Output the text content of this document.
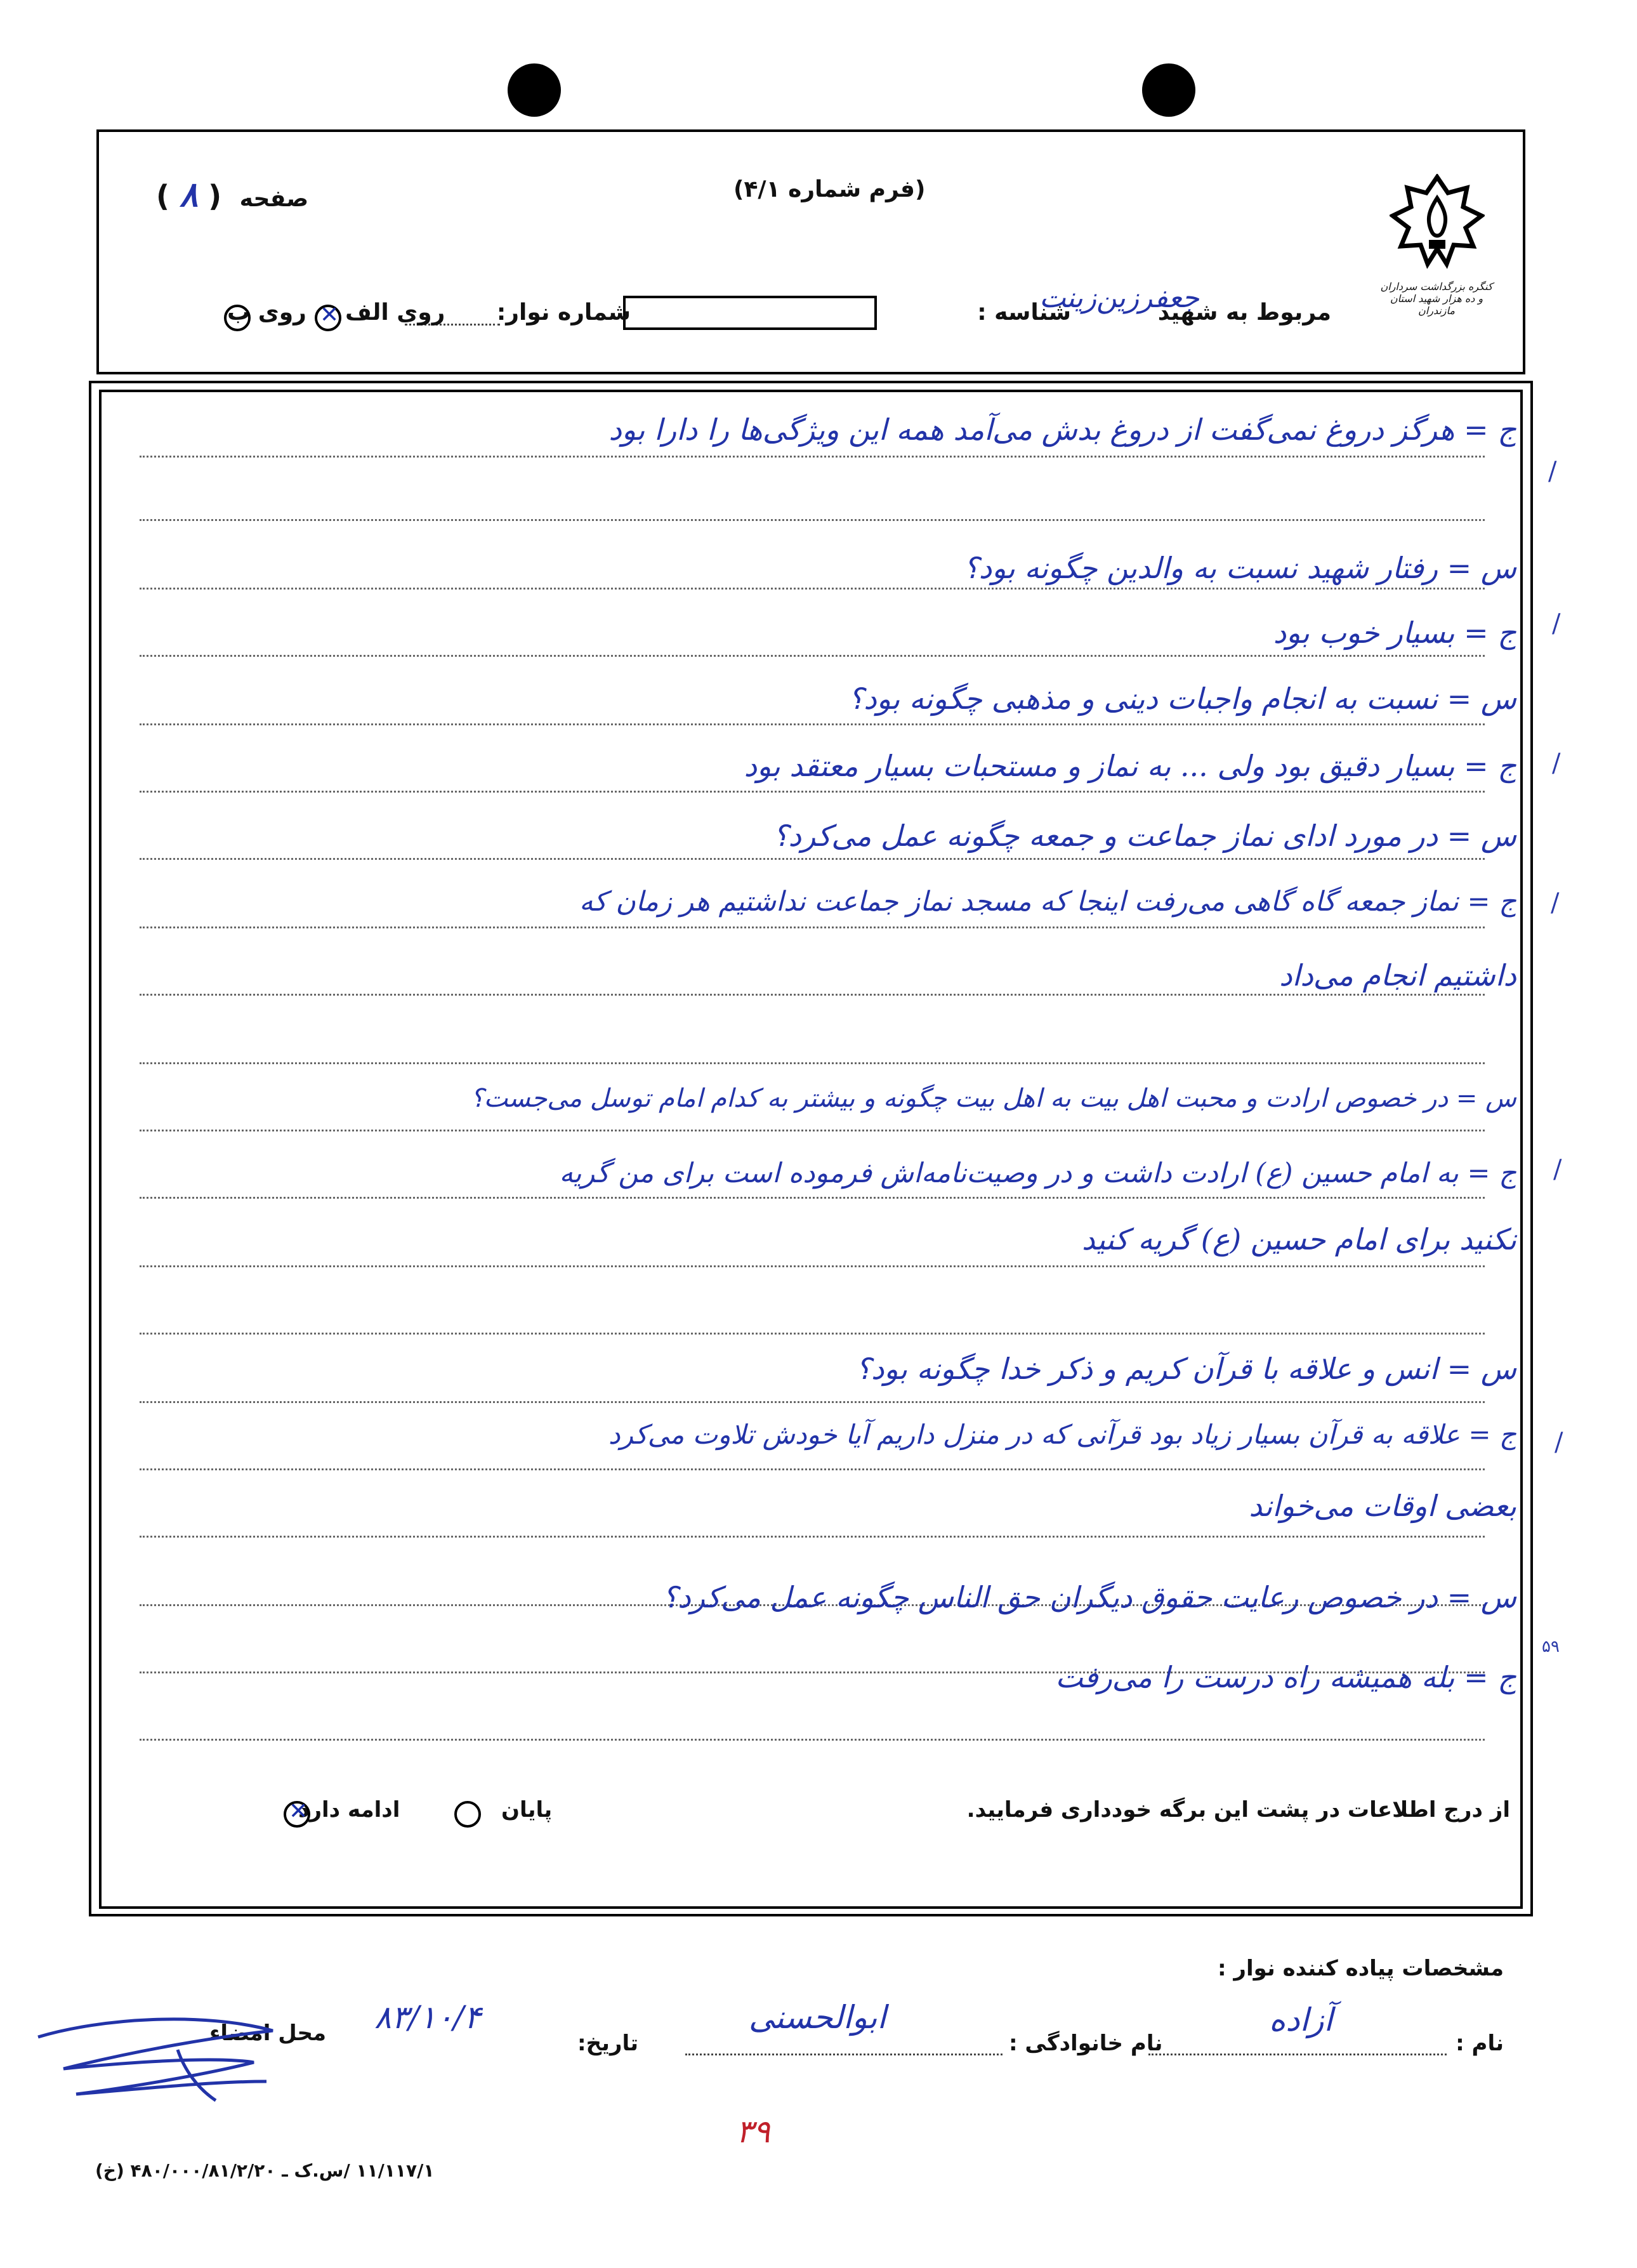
کنگره بزرگداشت سرداران و ده هزار شهید استان مازندران
صفحه  ( ۸ )	(فرم شماره ۴/۱)
مربوط به شهید
جعفرزین‌زینت
شناسه :
شماره نوار:
روی الف
✕
روی ب
ج = هرگز دروغ نمی‌گفت از دروغ بدش می‌آمد همه این ویژگی‌ها را دارا بود
س = رفتار شهید نسبت به والدین چگونه بود؟
ج = بسیار خوب بود
س = نسبت به انجام واجبات دینی و مذهبی چگونه بود؟
ج = بسیار دقیق بود ولی ... به نماز و مستحبات بسیار معتقد بود
س = در مورد ادای نماز جماعت و جمعه چگونه عمل می‌کرد؟
ج = نماز جمعه گاه گاهی می‌رفت اینجا که مسجد نماز جماعت نداشتیم هر زمان که
داشتیم انجام می‌داد
س = در خصوص ارادت و محبت اهل بیت به اهل بیت چگونه و بیشتر به کدام امام توسل می‌جست؟
ج = به امام حسین (ع) ارادت داشت و در وصیت‌نامه‌اش فرموده است برای من گریه
نکنید برای امام حسین (ع) گریه کنید
س = انس و علاقه با قرآن کریم و ذکر خدا چگونه بود؟
ج = علاقه به قرآن بسیار زیاد بود قرآنی که در منزل داریم آیا خودش تلاوت می‌کرد
بعضی اوقات می‌خواند
س = در خصوص رعایت حقوق دیگران حق الناس چگونه عمل می‌کرد؟
ج = بله همیشه راه درست را می‌رفت
/
/
/
/
/
/
۵۹
از درج اطلاعات در پشت این برگه خودداری فرمایید.
پایان

ادامه دارد
✕
مشخصات پیاده کننده نوار :
نام :
آزاده
نام خانوادگی :
ابوالحسنی
تاریخ:
۸۳/۱۰/۴
محل امضاء
۳۹
۱۱/۱۱۷/۱ /س.ک ـ ۴۸۰/۰۰۰/۸۱/۲/۲۰ (خ)
